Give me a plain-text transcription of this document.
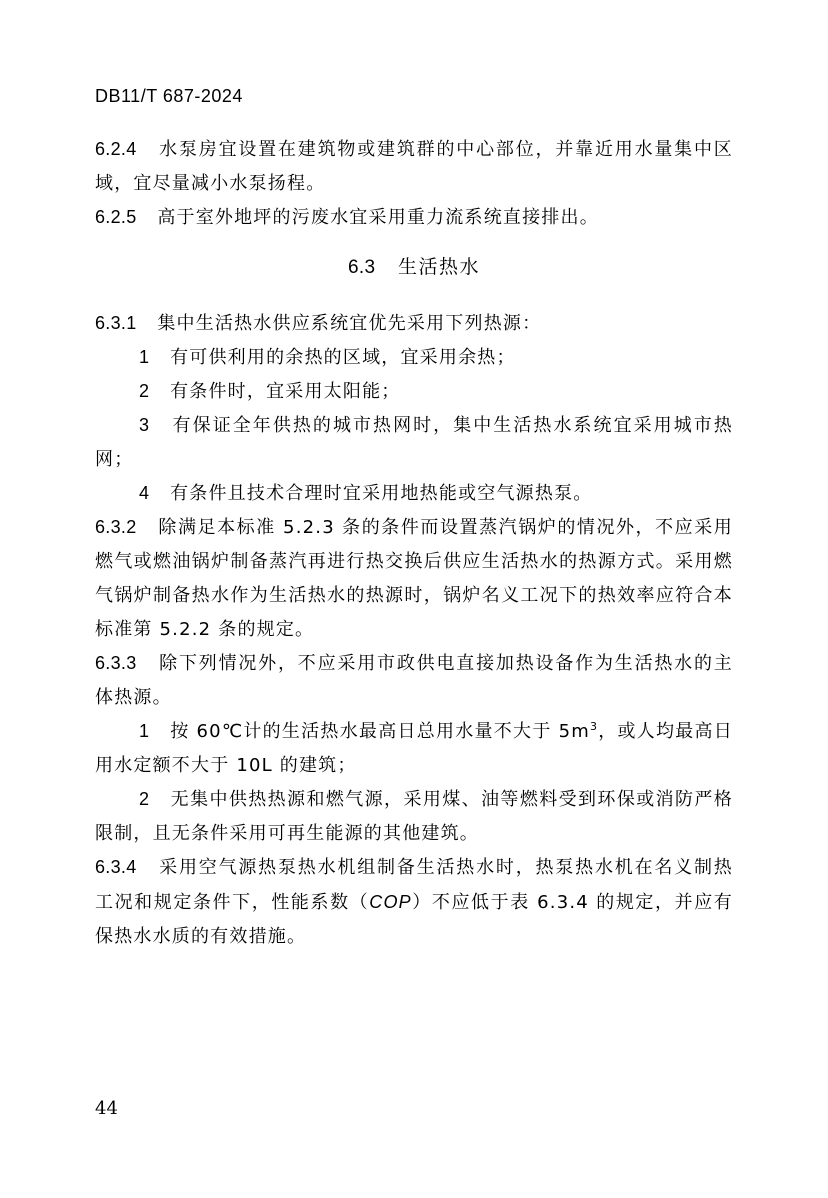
DB11/T 687-2024
6.2.4 水泵房宜设置在建筑物或建筑群的中心部位，并靠近用水量集中区域，宜尽量减小水泵扬程。
6.2.5 高于室外地坪的污废水宜采用重力流系统直接排出。
6.3 生活热水
6.3.1 集中生活热水供应系统宜优先采用下列热源：
1 有可供利用的余热的区域，宜采用余热；
2 有条件时，宜采用太阳能；
3 有保证全年供热的城市热网时，集中生活热水系统宜采用城市热网；
4 有条件且技术合理时宜采用地热能或空气源热泵。
6.3.2 除满足本标准 5.2.3 条的条件而设置蒸汽锅炉的情况外，不应采用燃气或燃油锅炉制备蒸汽再进行热交换后供应生活热水的热源方式。采用燃气锅炉制备热水作为生活热水的热源时，锅炉名义工况下的热效率应符合本标准第 5.2.2 条的规定。
6.3.3 除下列情况外，不应采用市政供电直接加热设备作为生活热水的主体热源。
1 按 60℃计的生活热水最高日总用水量不大于 $5m^3$，或人均最高日用水定额不大于 10L 的建筑；
2 无集中供热热源和燃气源，采用煤、油等燃料受到环保或消防严格限制，且无条件采用可再生能源的其他建筑。
6.3.4 采用空气源热泵热水机组制备生活热水时，热泵热水机在名义制热工况和规定条件下，性能系数（COP）不应低于表 6.3.4 的规定，并应有保热水水质的有效措施。
44
